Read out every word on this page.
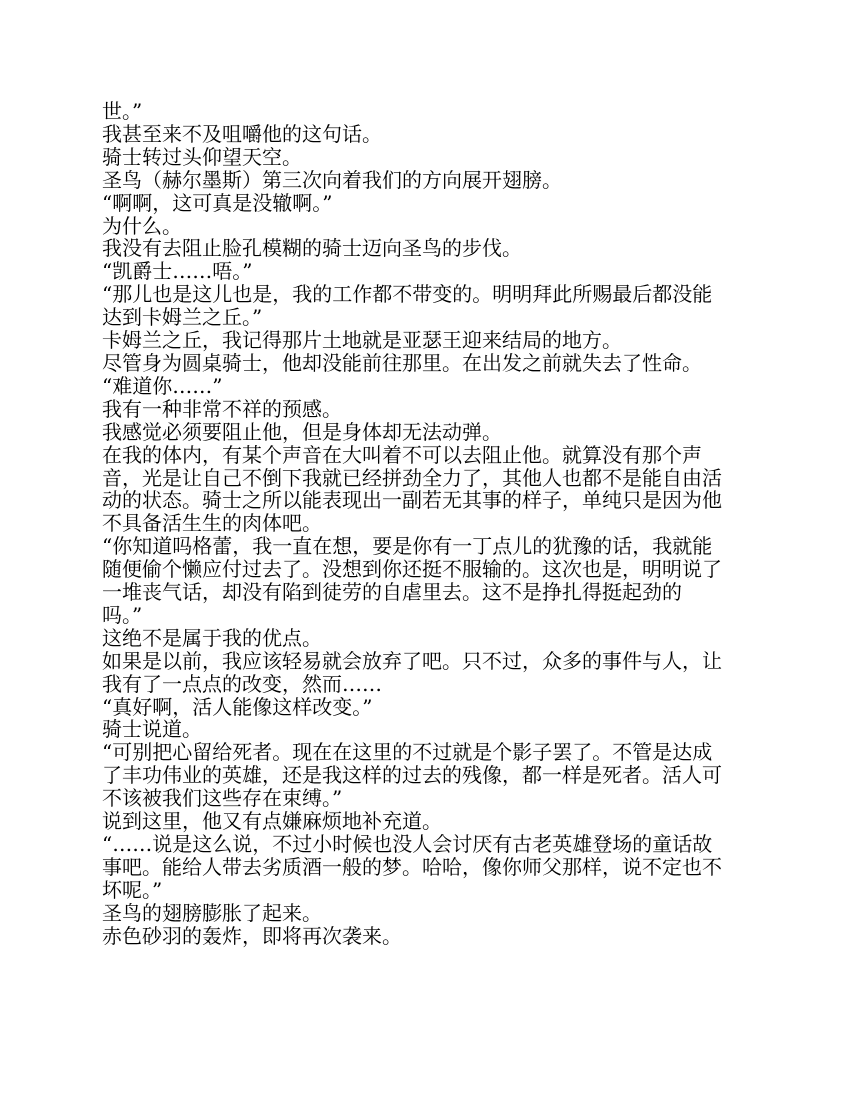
世。”

我甚至来不及咀嚼他的这句话。

骑士转过头仰望天空。

圣鸟（赫尔墨斯）第三次向着我们的方向展开翅膀。

“啊啊，这可真是没辙啊。”

为什么。

我没有去阻止脸孔模糊的骑士迈向圣鸟的步伐。

“凯爵士……唔。”

“那儿也是这儿也是，我的工作都不带变的。明明拜此所赐最后都没能
达到卡姆兰之丘。”

卡姆兰之丘，我记得那片土地就是亚瑟王迎来结局的地方。

尽管身为圆桌骑士，他却没能前往那里。在出发之前就失去了性命。

“难道你……”

我有一种非常不祥的预感。

我感觉必须要阻止他，但是身体却无法动弹。

在我的体内，有某个声音在大叫着不可以去阻止他。就算没有那个声
音，光是让自己不倒下我就已经拼劲全力了，其他人也都不是能自由活
动的状态。骑士之所以能表现出一副若无其事的样子，单纯只是因为他
不具备活生生的肉体吧。

“你知道吗格蕾，我一直在想，要是你有一丁点儿的犹豫的话，我就能
随便偷个懒应付过去了。没想到你还挺不服输的。这次也是，明明说了
一堆丧气话，却没有陷到徒劳的自虐里去。这不是挣扎得挺起劲的
吗。”

这绝不是属于我的优点。

如果是以前，我应该轻易就会放弃了吧。只不过，众多的事件与人，让
我有了一点点的改变，然而……

“真好啊，活人能像这样改变。”

骑士说道。

“可别把心留给死者。现在在这里的不过就是个影子罢了。不管是达成
了丰功伟业的英雄，还是我这样的过去的残像，都一样是死者。活人可
不该被我们这些存在束缚。”

说到这里，他又有点嫌麻烦地补充道。

“……说是这么说，不过小时候也没人会讨厌有古老英雄登场的童话故
事吧。能给人带去劣质酒一般的梦。哈哈，像你师父那样，说不定也不
坏呢。”

圣鸟的翅膀膨胀了起来。

赤色砂羽的轰炸，即将再次袭来。
